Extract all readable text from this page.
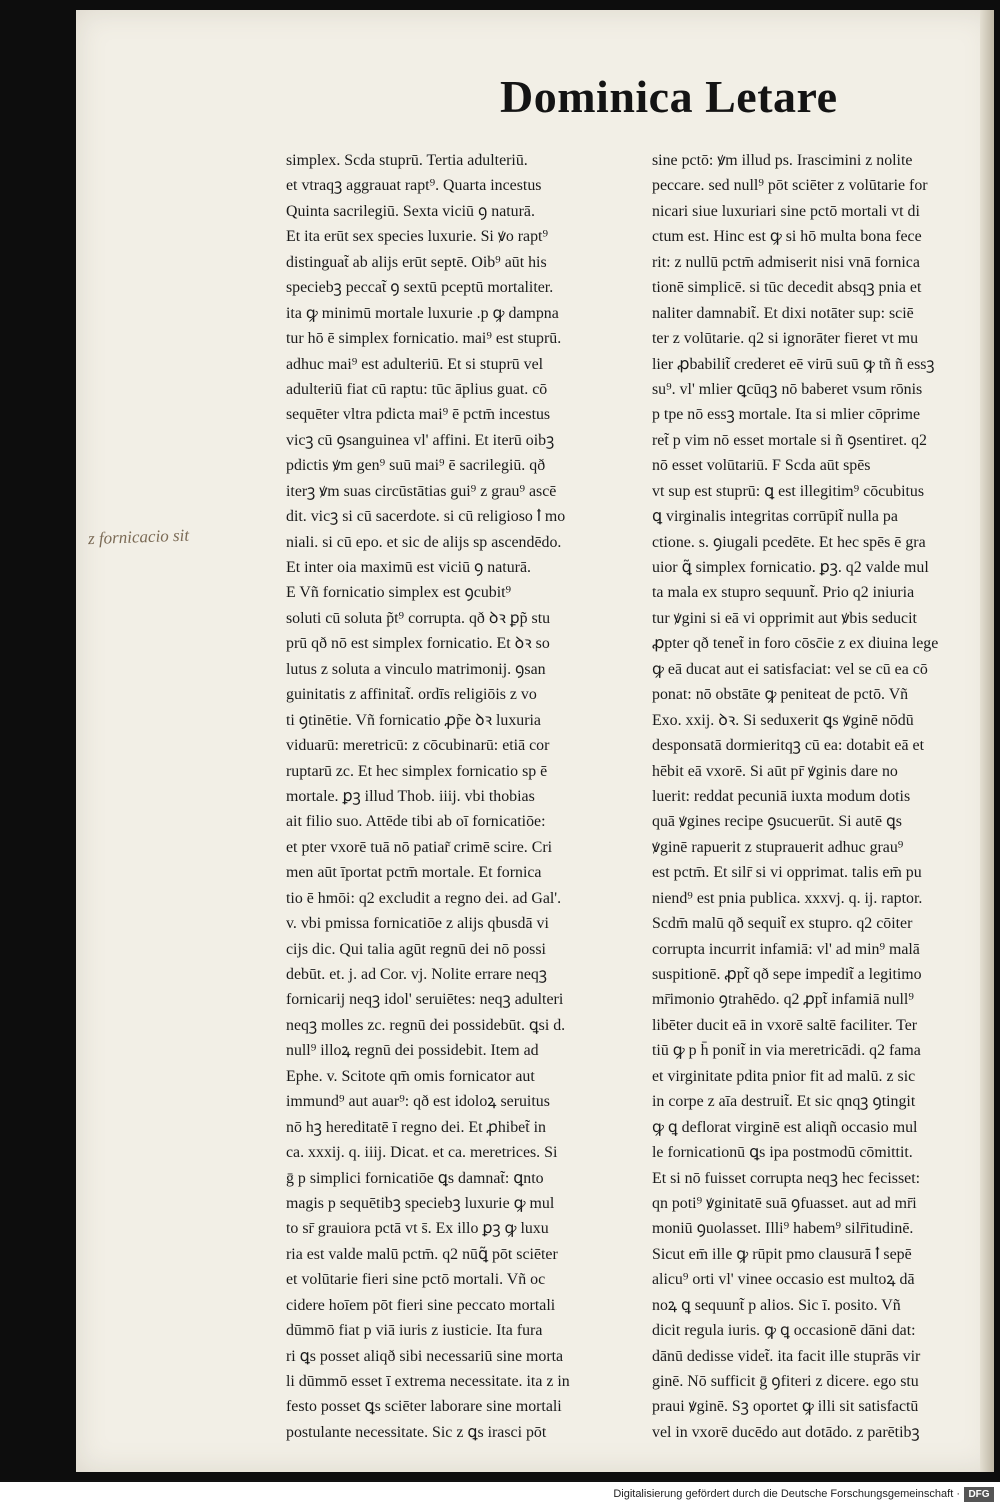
Dominica Letare
z fornicacio sit
simplex. Scda stuprū. Tertia adulteriū.
et vtraqꝫ aggrauat rapt⁹. Quarta incestus
Quinta sacrilegiū. Sexta viciū ꝯ naturā.
Et ita erūt sex species luxurie. Si ꝟo rapt⁹
distinguat̃ ab alijs erūt septē. Oib⁹ aūt his
speciebꝫ peccat̃ ꝯ sextū pceptū mortaliter.
ita ꝙ minimū mortale luxurie .p ꝙ dampna
tur hō ē simplex fornicatio. mai⁹ est stuprū.
adhuc mai⁹ est adulteriū. Et si stuprū vel
adulteriū fiat cū raptu: tūc āplius guat. cō
sequēter vltra pdicta mai⁹ ē pctm̄ incestus
vicꝫ cū ꝯsanguinea vl' affini. Et iterū oibꝫ
pdictis ꝟm gen⁹ suū mai⁹ ē sacrilegiū. qð
iterꝫ ꝟm suas circūstātias gui⁹ z grau⁹ ascē
dit. vicꝫ si cū sacerdote. si cū religioso ꝉ mo
niali. si cū epo. et sic de alijs sp ascendēdo.
Et inter oia maximū est viciū ꝯ naturā.
E Vñ fornicatio simplex est ꝯcubit⁹
soluti cū soluta p̃t⁹ corrupta. qð ꝺꝛ ꝑp̃ stu
prū qð nō est simplex fornicatio. Et ꝺꝛ so
lutus z soluta a vinculo matrimonij. ꝯsan
guinitatis z affinitat̃. ordīs religiōis z vo
ti ꝯtinētie. Vñ fornicatio ꝓp̃e ꝺꝛ luxuria
viduarū: meretricū: z cōcubinarū: etiā cor
ruptarū zc. Et hec simplex fornicatio sp ē
mortale. ꝑꝫ illud Thob. iiij. vbi thobias
ait filio suo. Attēde tibi ab oī fornicatiōe:
et pter vxorē tuā nō patiar̃ crimē scire. Cri
men aūt īportat pctm̄ mortale. Et fornica
tio ē hmōi: q2 excludit a regno dei. ad Gal'.
v. vbi pmissa fornicatiōe z alijs qbusdā vi
cijs dic. Qui talia agūt regnū dei nō possi
debūt. et. j. ad Cor. vj. Nolite errare neqꝫ
fornicarij neqꝫ idol' seruiētes: neqꝫ adulteri
neqꝫ molles zc. regnū dei possidebūt. ꝗsi d.
null⁹ illoꝝ regnū dei possidebit. Item ad
Ephe. v. Scitote qm̄ omis fornicator aut
immund⁹ aut auar⁹: qð est idoloꝝ seruitus
nō hꝫ hereditatē ī regno dei. Et ꝓhibet̃ in
ca. xxxij. q. iiij. Dicat. et ca. meretrices. Si
ḡ p simplici fornicatiōe ꝗs damnat̃: ꝗnto
magis p sequētibꝫ speciebꝫ luxurie ꝙ mul
to sr̄ grauiora pctā vt s̄. Ex illo ꝑꝫ ꝙ luxu
ria est valde malū pctm̄. q2 nūꝗ̃ pōt sciēter
et volūtarie fieri sine pctō mortali. Vñ oc
cidere hoīem pōt fieri sine peccato mortali
dūmmō fiat p viā iuris z iusticie. Ita fura
ri ꝗs posset aliqð sibi necessariū sine morta
li dūmmō esset ī extrema necessitate. ita z in
festo posset ꝗs sciēter laborare sine mortali
postulante necessitate. Sic z ꝗs irasci pōt
sine pctō: ꝟm illud ps. Irascimini z nolite
peccare. sed null⁹ pōt sciēter z volūtarie for
nicari siue luxuriari sine pctō mortali vt di
ctum est. Hinc est ꝙ si hō multa bona fece
rit: z nullū pctm̄ admiserit nisi vnā fornica
tionē simplicē. si tūc decedit absqꝫ pnia et
naliter damnabit̃. Et dixi notāter sup: sciē
ter z volūtarie. q2 si ignorāter fieret vt mu
lier ꝓbabilit̃ crederet eē virū suū ꝙ tñ ñ essꝫ
su⁹. vl' mlier ꝗcūqꝫ nō baberet vsum rōnis
p tpe nō essꝫ mortale. Ita si mlier cōprime
ret̃ p vim nō esset mortale si ñ ꝯsentiret. q2
nō esset volūtariū. F Scda aūt spēs
vt sup est stuprū: ꝗ est illegitim⁹ cōcubitus
ꝗ virginalis integritas corrūpit̃ nulla pa
ctione. s. ꝯiugali pcedēte. Et hec spēs ē gra
uior ꝗ̃ simplex fornicatio. ꝑꝫ. q2 valde mul
ta mala ex stupro sequunt̃. Prio q2 iniuria
tur ꝟgini si eā vi opprimit aut ꝟbis seducit
ꝓpter qð tenet̃ in foro cōsc̄ie z ex diuina lege
ꝙ eā ducat aut ei satisfaciat: vel se cū ea cō
ponat: nō obstāte ꝙ peniteat de pctō. Vñ
Exo. xxij. ꝺꝛ. Si seduxerit ꝗs ꝟginē nōdū
desponsatā dormieritqꝫ cū ea: dotabit eā et
hēbit eā vxorē. Si aūt pr̄ ꝟginis dare no
luerit: reddat pecuniā iuxta modum dotis
quā ꝟgines recipe ꝯsucuerūt. Si autē ꝗs
ꝟginē rapuerit z stuprauerit adhuc grau⁹
est pctm̄. Et silr̄ si vi opprimat. talis em̄ pu
niend⁹ est pnia publica. xxxvj. q. ij. raptor.
Scdm̄ malū qð sequit̃ ex stupro. q2 cōiter
corrupta incurrit infamiā: vl' ad min⁹ malā
suspitionē. ꝓpt̃ qð sepe impedit̃ a legitimo
mr̄imonio ꝯtrahēdo. q2 ꝓpt̃ infamiā null⁹
libēter ducit eā in vxorē saltē faciliter. Ter
tiū ꝙ p h̄ ponit̃ in via meretricādi. q2 fama
et virginitate pdita pnior fit ad malū. z sic
in corpe z aīa destruit̃. Et sic qnqꝫ ꝯtingit
ꝙ ꝗ deflorat virginē est aliqñ occasio mul
le fornicationū ꝗs ipa postmodū cōmittit.
Et si nō fuisset corrupta neqꝫ hec fecisset:
qn poti⁹ ꝟginitatē suā ꝯfuasset. aut ad mr̄i
moniū ꝯuolasset. Illi⁹ habem⁹ silr̄itudinē.
Sicut em̄ ille ꝙ rūpit pmo clausurā ꝉ sepē
alicu⁹ orti vl' vinee occasio est multoꝝ dā
noꝝ ꝗ sequunt̃ p alios. Sic ī. posito. Vñ
dicit regula iuris. ꝙ ꝗ occasionē dāni dat:
dānū dedisse videt̃. ita facit ille stuprās vir
ginē. Nō sufficit ḡ ꝯfiteri z dicere. ego stu
praui ꝟginē. Sꝫ oportet ꝙ illi sit satisfactū
vel in vxorē ducēdo aut dotādo. z parētibꝫ
Digitalisierung gefördert durch die Deutsche Forschungsgemeinschaft · DFG
